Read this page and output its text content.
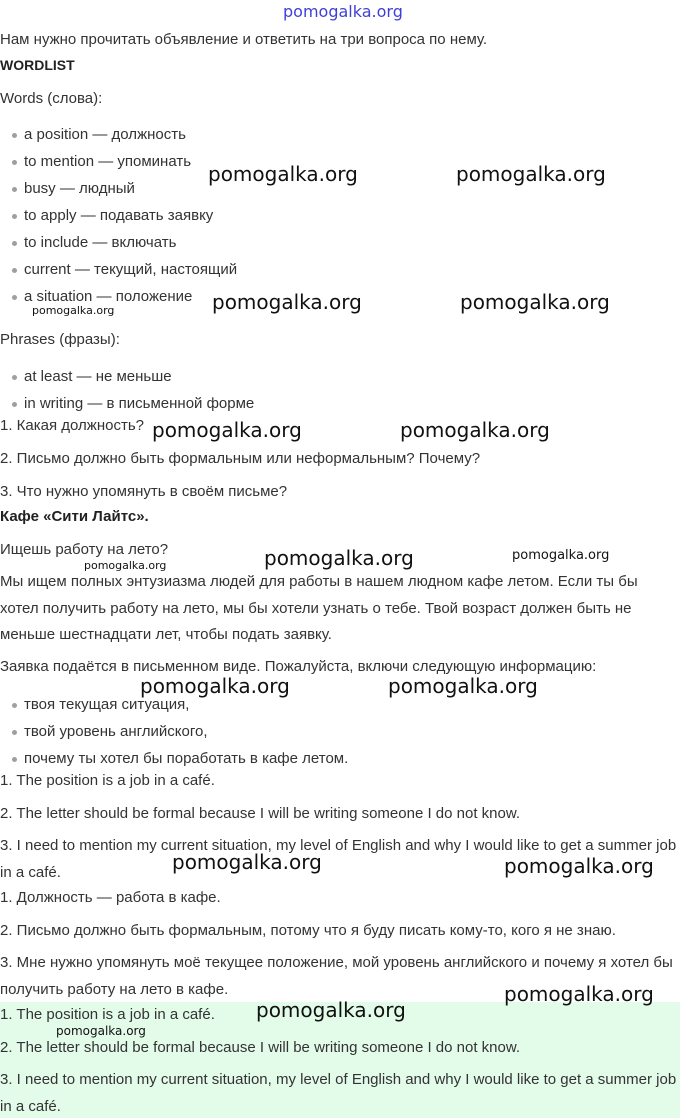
pomogalka.org
Нам нужно прочитать объявление и ответить на три вопроса по нему.
WORDLIST
Words (слова):
a position — должность
to mention — упоминать
busy — людный
to apply — подавать заявку
to include — включать
current — текущий, настоящий
a situation — положение
Phrases (фразы):
at least — не меньше
in writing — в письменной форме
1. Какая должность?
2. Письмо должно быть формальным или неформальным? Почему?
3. Что нужно упомянуть в своём письме?
Кафе «Сити Лайтс».
Ищешь работу на лето?
Мы ищем полных энтузиазма людей для работы в нашем людном кафе летом. Если ты бы хотел получить работу на лето, мы бы хотели узнать о тебе. Твой возраст должен быть не меньше шестнадцати лет, чтобы подать заявку.
Заявка подаётся в письменном виде. Пожалуйста, включи следующую информацию:
твоя текущая ситуация,
твой уровень английского,
почему ты хотел бы поработать в кафе летом.
1. The position is a job in a café.
2. The letter should be formal because I will be writing someone I do not know.
3. I need to mention my current situation, my level of English and why I would like to get a summer job in a café.
1. Должность — работа в кафе.
2. Письмо должно быть формальным, потому что я буду писать кому-то, кого я не знаю.
3. Мне нужно упомянуть моё текущее положение, мой уровень английского и почему я хотел бы получить работу на лето в кафе.
1. The position is a job in a café.
2. The letter should be formal because I will be writing someone I do not know.
3. I need to mention my current situation, my level of English and why I would like to get a summer job in a café.
pomogalka.org	pomogalka.org
pomogalka.org	pomogalka.org
pomogalka.org
pomogalka.org	pomogalka.org
pomogalka.org	pomogalka.org
pomogalka.org
pomogalka.org	pomogalka.org
pomogalka.org	pomogalka.org
pomogalka.org
pomogalka.org
pomogalka.org
